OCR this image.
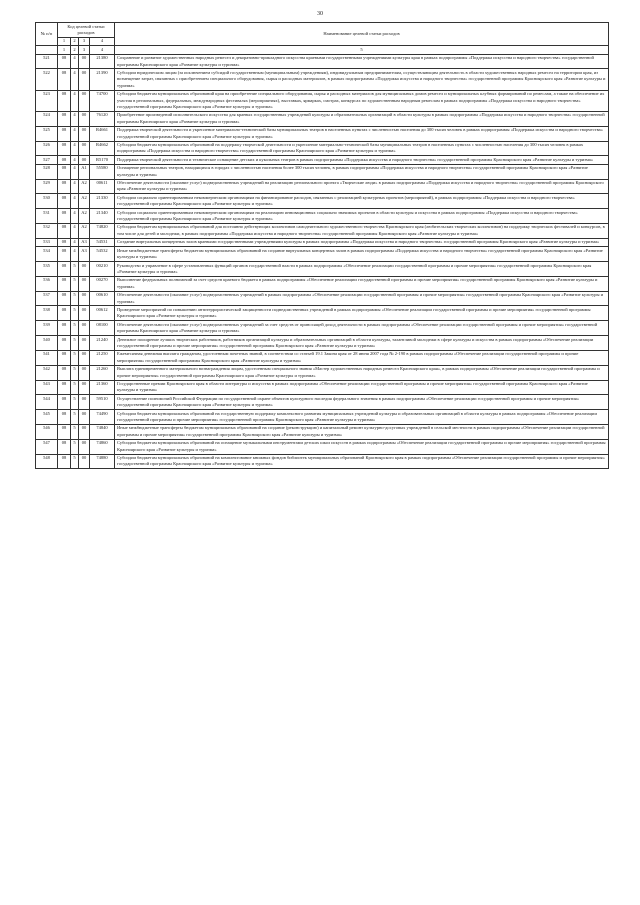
30
№ п/п	Код целевой статьи расходов				Наименование целевой статьи расходов
	1	2	3	4	
	1	2	3	4	5
521	08	4	00	21380	Сохранение и развитие художественных народных ремесел и декоративно-прикладного искусства краевыми государственными учреждениями культуры края в рамках подпрограммы «Поддержка искусства и народного творчества» государственной программы Красноярского края «Развитие культуры и туризма»
522	08	4	00	21390	Субсидии юридическим лицам (за исключением субсидий государственным (муниципальным) учреждениям), индивидуальным предпринимателям, осуществляющим деятельность в области художественных народных ремесел на территории края, из возмещение затрат, связанных с приобретением специального оборудования, сырья и расходных материалов, в рамках подпрограммы «Поддержка искусства и народного творчества» государственной программы Красноярского края «Развитие культуры и туризма»
523	08	4	00	74700	Субсидии бюджетам муниципальных образований края на приобретение специального оборудования, сырья и расходных материалов для муниципальных домов ремесел и муниципальных клубных формирований по ремеслам, а также на обеспечение их участия в региональных, федеральных, международных фестивалях (мероприятиях), выставках, ярмарках, смотрах, конкурсах по художественным народным ремеслам в рамках подпрограммы «Поддержка искусства и народного творчества» государственной программы Красноярского края «Развитие культуры и туризма»
524	08	4	00	76120	Приобретение произведений исполнительского искусства для краевых государственных учреждений культуры и образовательных организаций в области культуры в рамках подпрограммы «Поддержка искусства и народного творчества» государственной программы Красноярского края «Развитие культуры и туризма»
525	08	4	00	R4661	Поддержка творческой деятельности и укрепление материально-технической базы муниципальных театров в населенных пунктах с численностью населения до 300 тысяч человек в рамках подпрограммы «Поддержка искусства и народного творчества» государственной программы Красноярского края «Развитие культуры и туризма»
526	08	4	00	R4662	Субсидии бюджетам муниципальных образований на поддержку творческой деятельности и укрепление материально-технической базы муниципальных театров в населенных пунктах с численностью населения до 300 тысяч человек в рамках подпрограммы «Поддержка искусства и народного творчества» государственной программы Красноярского края «Развитие культуры и туризма»
527	08	4	00	R5170	Поддержка творческой деятельности и техническое оснащение детских и кукольных театров в рамках подпрограммы «Поддержка искусства и народного творчества» государственной программы Красноярского края «Развитие культуры и туризма»
528	08	4	A1	55580	Оснащение региональных театров, находящихся в городах с численностью населения более 300 тысяч человек, в рамках подпрограммы «Поддержка искусства и народного творчества» государственной программы Красноярского края «Развитие культуры и туризма»
529	08	4	A2	00611	Обеспечение деятельности (оказание услуг) подведомственных учреждений на реализацию регионального проекта «Творческие люди» в рамках подпрограммы «Поддержка искусства и народного творчества» государственной программы Красноярского края «Развитие культуры и туризма»
530	08	4	A2	21330	Субсидии социально ориентированным некоммерческим организациям на финансирование расходов, связанных с реализацией культурных проектов (мероприятий), в рамках подпрограммы «Поддержка искусства и народного творчества» государственной программы Красноярского края «Развитие культуры и туризма»
531	08	4	A2	21340	Субсидии социально ориентированным некоммерческим организациям на реализацию инновационных социально значимых проектов в области культуры и искусства в рамках подпрограммы «Поддержка искусства и народного творчества» государственной программы Красноярского края «Развитие культуры и туризма»
532	08	4	A2	74820	Субсидии бюджетам муниципальных образований для постоянно действующих коллективов самодеятельного художественного творчества Красноярского края (любительских творческих коллективов) на поддержку творческих фестивалей и конкурсов, в том числе для детей и молодежи, в рамках подпрограммы «Поддержка искусства и народного творчества» государственной программы Красноярского края «Развитие культуры и туризма»
533	08	4	A3	54531	Создание виртуальных концертных залов краевыми государственными учреждениями культуры в рамках подпрограммы «Поддержка искусства и народного творчества» государственной программы Красноярского края «Развитие культуры и туризма»
534	08	4	A3	54532	Иные межбюджетные трансферты бюджетам муниципальных образований на создание виртуальных концертных залов в рамках подпрограммы «Поддержка искусства и народного творчества» государственной программы Красноярского края «Развитие культуры и туризма»
535	08	5	00	00210	Руководство и управление в сфере установленных функций органов государственной власти в рамках подпрограммы «Обеспечение реализации государственной программы и прочие мероприятия» государственной программы Красноярского края «Развитие культуры и туризма»
536	08	5	00	00270	Выполнение федеральных полномочий за счет средств краевого бюджета в рамках подпрограммы «Обеспечение реализации государственной программы и прочие мероприятия» государственной программы Красноярского края «Развитие культуры и туризма»
537	08	5	00	00610	Обеспечение деятельности (оказание услуг) подведомственных учреждений в рамках подпрограммы «Обеспечение реализации государственной программы и прочие мероприятия» государственной программы Красноярского края «Развитие культуры и туризма»
538	08	5	00	00612	Проведение мероприятий по повышению антитеррористической защищенности подведомственных учреждений в рамках подпрограммы «Обеспечение реализации государственной программы и прочие мероприятия» государственной программы Красноярского края «Развитие культуры и туризма»
539	08	5	00	08100	Обеспечение деятельности (оказание услуг) подведомственных учреждений за счет средств от приносящей доход деятельности в рамках подпрограммы «Обеспечение реализации государственной программы и прочие мероприятия» государственной программы Красноярского края «Развитие культуры и туризма»
540	08	5	00	21240	Денежное поощрение лучших творческих работников, работников организаций культуры и образовательных организаций в области культуры, талантливой молодежи в сфере культуры и искусства в рамках подпрограммы «Обеспечение реализации государственной программы и прочие мероприятия» государственной программы Красноярского края «Развитие культуры и туризма»
541	08	5	00	21250	Ежемесячная денежная выплата гражданам, удостоенным почетных званий, в соответствии со статьей 19.1 Закона края от 28 июня 2007 года № 2-190 в рамках подпрограммы «Обеспечение реализации государственной программы и прочие мероприятия» государственной программы Красноярского края «Развитие культуры и туризма»
542	08	5	00	21260	Выплата единовременного материального вознаграждения лицам, удостоенным специального звания «Мастер художественных народных ремесел Красноярского края», в рамках подпрограммы «Обеспечение реализации государственной программы и прочие мероприятия» государственной программы Красноярского края «Развитие культуры и туризма»
543	08	5	00	21360	Государственные премии Красноярского края в области литературы и искусства в рамках подпрограммы «Обеспечение реализации государственной программы и прочие мероприятия» государственной программы Красноярского края «Развитие культуры и туризма»
544	08	5	00	59510	Осуществление полномочий Российской Федерации по государственной охране объектов культурного наследия федерального значения в рамках подпрограммы «Обеспечение реализации государственной программы и прочие мероприятия» государственной программы Красноярского края «Развитие культуры и туризма»
545	08	5	00	74490	Субсидии бюджетам муниципальных образований на государственную поддержку комплексного развития муниципальных учреждений культуры и образовательных организаций в области культуры в рамках подпрограммы «Обеспечение реализации государственной программы и прочие мероприятия» государственной программы Красноярского края «Развитие культуры и туризма»
546	08	5	00	74840	Иные межбюджетные трансферты бюджетам муниципальных образований на создание (реконструкцию) и капитальный ремонт культурно-досуговых учреждений в сельской местности в рамках подпрограммы «Обеспечение реализации государственной программы и прочие мероприятия» государственной программы Красноярского края «Развитие культуры и туризма»
547	08	5	00	74860	Субсидии бюджетам муниципальных образований на оснащение музыкальными инструментами детских школ искусств в рамках подпрограммы «Обеспечение реализации государственной программы и прочие мероприятия» государственной программы Красноярского края «Развитие культуры и туризма»
548	08	5	00	74880	Субсидии бюджетам муниципальных образований на комплектование книжных фондов библиотек муниципальных образований Красноярского края в рамках подпрограммы «Обеспечение реализации государственной программы и прочие мероприятия» государственной программы Красноярского края «Развитие культуры и туризма»
